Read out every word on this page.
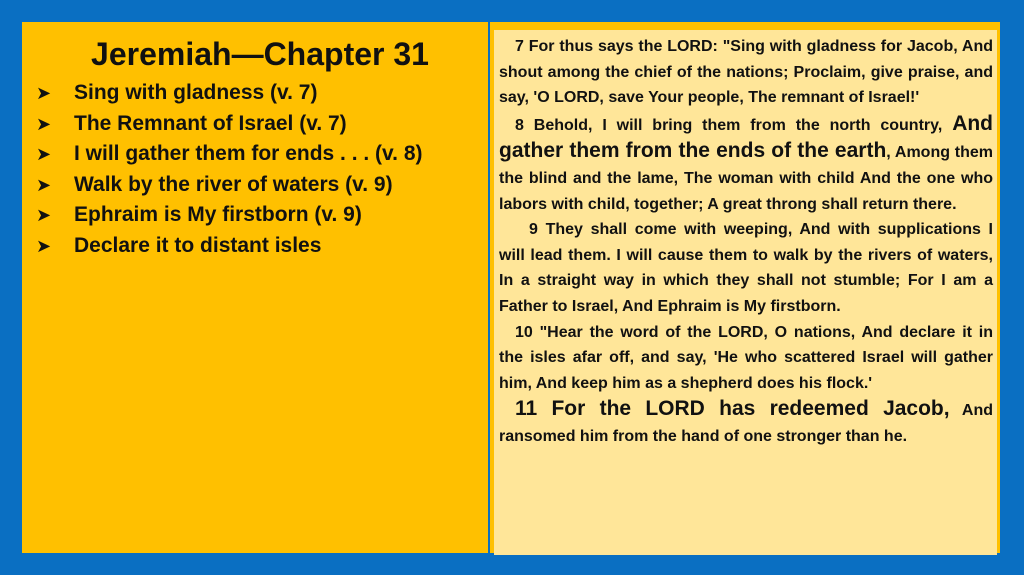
Jeremiah—Chapter 31
➤	Sing with gladness (v. 7)
➤	The Remnant of Israel (v. 7)
➤	I will gather them for ends . . . (v. 8)
➤	Walk by the river of waters (v. 9)
➤	Ephraim is My firstborn (v. 9)
➤	Declare it to distant isles

7 For thus says the LORD: "Sing with gladness for Jacob, And shout among the chief of the nations; Proclaim, give praise, and say, 'O LORD, save Your people, The remnant of Israel!'

8 Behold, I will bring them from the north country, And gather them from the ends of the earth, Among them the blind and the lame, The woman with child And the one who labors with child, together; A great throng shall return there.

9 They shall come with weeping, And with supplications I will lead them. I will cause them to walk by the rivers of waters, In a straight way in which they shall not stumble; For I am a Father to Israel, And Ephraim is My firstborn.

10 "Hear the word of the LORD, O nations, And declare it in the isles afar off, and say, 'He who scattered Israel will gather him, And keep him as a shepherd does his flock.'

11 For the LORD has redeemed Jacob, And ransomed him from the hand of one stronger than he.
